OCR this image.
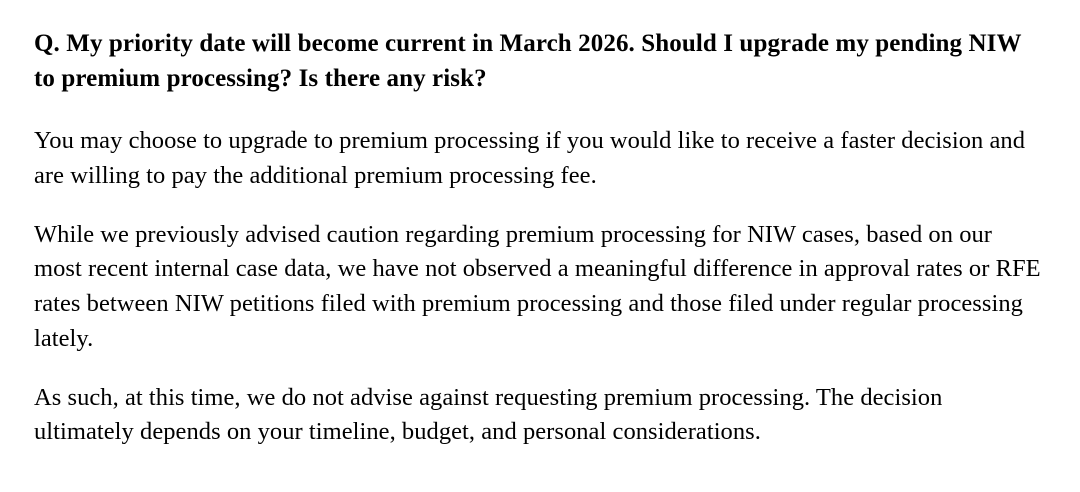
Q. My priority date will become current in March 2026. Should I upgrade my pending NIW to premium processing? Is there any risk?

You may choose to upgrade to premium processing if you would like to receive a faster decision and are willing to pay the additional premium processing fee.

While we previously advised caution regarding premium processing for NIW cases, based on our most recent internal case data, we have not observed a meaningful difference in approval rates or RFE rates between NIW petitions filed with premium processing and those filed under regular processing lately.

As such, at this time, we do not advise against requesting premium processing. The decision ultimately depends on your timeline, budget, and personal considerations.
